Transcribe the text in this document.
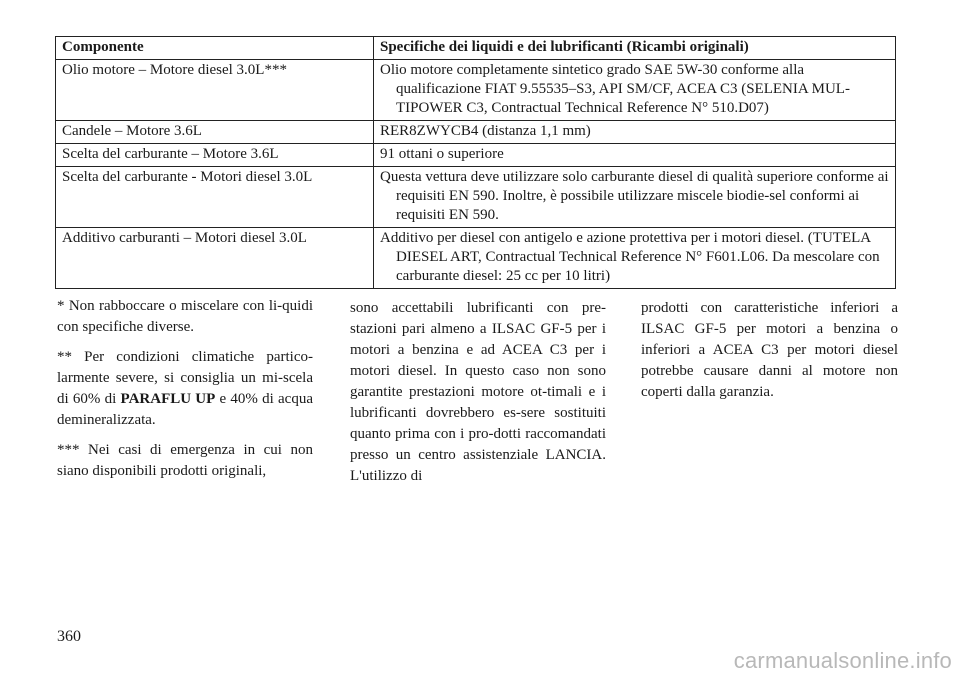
Componente	Specifiche dei liquidi e dei lubrificanti (Ricambi originali)
Olio motore – Motore diesel 3.0L***	Olio motore completamente sintetico grado SAE 5W-30 conforme alla qualificazione FIAT 9.55535–S3, API SM/CF, ACEA C3 (SELENIA MUL-TIPOWER C3, Contractual Technical Reference N° 510.D07)

Candele – Motore 3.6L	RER8ZWYCB4 (distanza 1,1 mm)

Scelta del carburante – Motore 3.6L	91 ottani o superiore

Scelta del carburante - Motori diesel 3.0L	Questa vettura deve utilizzare solo carburante diesel di qualità superiore conforme ai requisiti EN 590. Inoltre, è possibile utilizzare miscele biodie-sel conformi ai requisiti EN 590.

Additivo carburanti – Motori diesel 3.0L	Additivo per diesel con antigelo e azione protettiva per i motori diesel. (TUTELA DIESEL ART, Contractual Technical Reference N° F601.L06. Da mescolare con carburante diesel: 25 cc per 10 litri)

* Non rabboccare o miscelare con li-quidi con specifiche diverse.

** Per condizioni climatiche partico-larmente severe, si consiglia un mi-scela di 60% di PARAFLU UP e 40% di acqua demineralizzata.

*** Nei casi di emergenza in cui non siano disponibili prodotti originali,

sono accettabili lubrificanti con pre-stazioni pari almeno a ILSAC GF-5 per i motori a benzina e ad ACEA C3 per i motori diesel. In questo caso non sono garantite prestazioni motore ot-timali e i lubrificanti dovrebbero es-sere sostituiti quanto prima con i pro-dotti raccomandati presso un centro assistenziale LANCIA. L'utilizzo di

prodotti con caratteristiche inferiori a ILSAC GF-5 per motori a benzina o inferiori a ACEA C3 per motori diesel potrebbe causare danni al motore non coperti dalla garanzia.

360
carmanualsonline.info
